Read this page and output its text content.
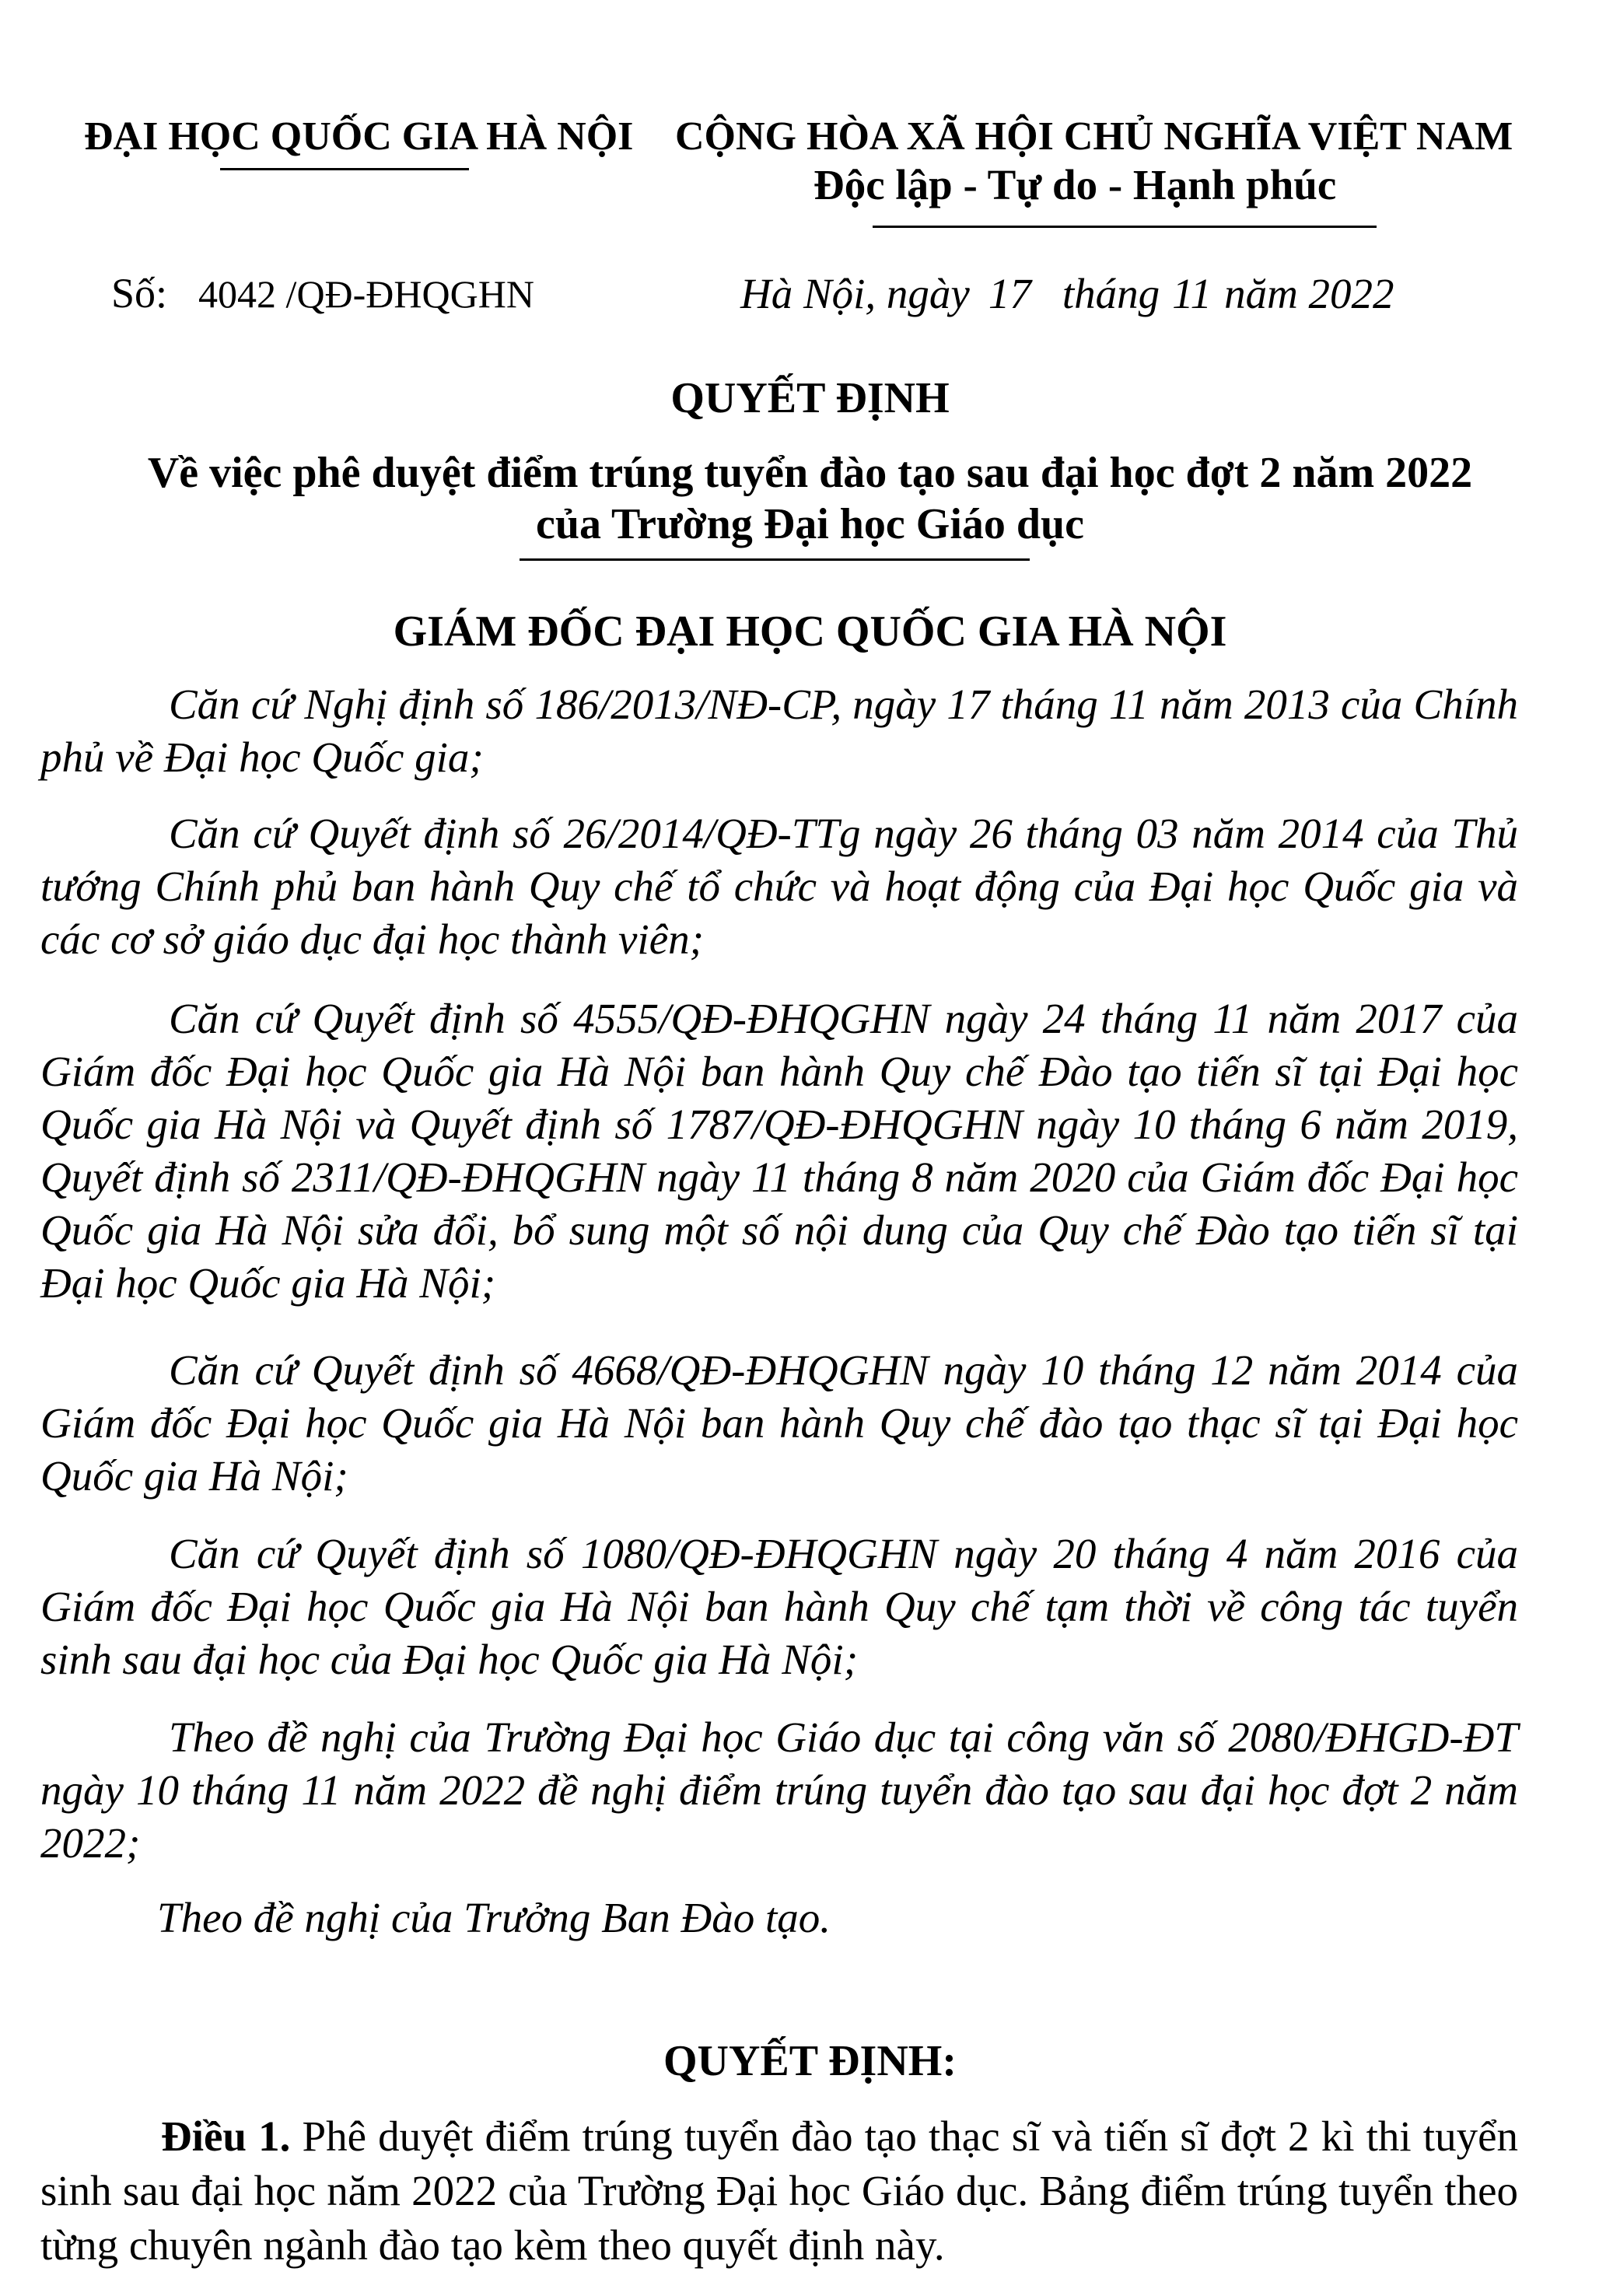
ĐẠI HỌC QUỐC GIA HÀ NỘI CỘNG HÒA XÃ HỘI CHỦ NGHĨA VIỆT NAM
Độc lập - Tự do - Hạnh phúc
Số: 4042 /QĐ-ĐHQGHN	Hà Nội, ngày 17 tháng 11 năm 2022
QUYẾT ĐỊNH
Về việc phê duyệt điểm trúng tuyển đào tạo sau đại học đợt 2 năm 2022
của Trường Đại học Giáo dục
GIÁM ĐỐC ĐẠI HỌC QUỐC GIA HÀ NỘI
Căn cứ Nghị định số 186/2013/NĐ-CP, ngày 17 tháng 11 năm 2013 của Chính phủ về Đại học Quốc gia;
Căn cứ Quyết định số 26/2014/QĐ-TTg ngày 26 tháng 03 năm 2014 của Thủ tướng Chính phủ ban hành Quy chế tổ chức và hoạt động của Đại học Quốc gia và các cơ sở giáo dục đại học thành viên;
Căn cứ Quyết định số 4555/QĐ-ĐHQGHN ngày 24 tháng 11 năm 2017 của Giám đốc Đại học Quốc gia Hà Nội ban hành Quy chế Đào tạo tiến sĩ tại Đại học Quốc gia Hà Nội và Quyết định số 1787/QĐ-ĐHQGHN ngày 10 tháng 6 năm 2019, Quyết định số 2311/QĐ-ĐHQGHN ngày 11 tháng 8 năm 2020 của Giám đốc Đại học Quốc gia Hà Nội sửa đổi, bổ sung một số nội dung của Quy chế Đào tạo tiến sĩ tại Đại học Quốc gia Hà Nội;
Căn cứ Quyết định số 4668/QĐ-ĐHQGHN ngày 10 tháng 12 năm 2014 của Giám đốc Đại học Quốc gia Hà Nội ban hành Quy chế đào tạo thạc sĩ tại Đại học Quốc gia Hà Nội;
Căn cứ Quyết định số 1080/QĐ-ĐHQGHN ngày 20 tháng 4 năm 2016 của Giám đốc Đại học Quốc gia Hà Nội ban hành Quy chế tạm thời về công tác tuyển sinh sau đại học của Đại học Quốc gia Hà Nội;
Theo đề nghị của Trường Đại học Giáo dục tại công văn số 2080/ĐHGD-ĐT ngày 10 tháng 11 năm 2022 đề nghị điểm trúng tuyển đào tạo sau đại học đợt 2 năm 2022;
Theo đề nghị của Trưởng Ban Đào tạo.
QUYẾT ĐỊNH:
Điều 1. Phê duyệt điểm trúng tuyển đào tạo thạc sĩ và tiến sĩ đợt 2 kì thi tuyển sinh sau đại học năm 2022 của Trường Đại học Giáo dục. Bảng điểm trúng tuyển theo từng chuyên ngành đào tạo kèm theo quyết định này.
